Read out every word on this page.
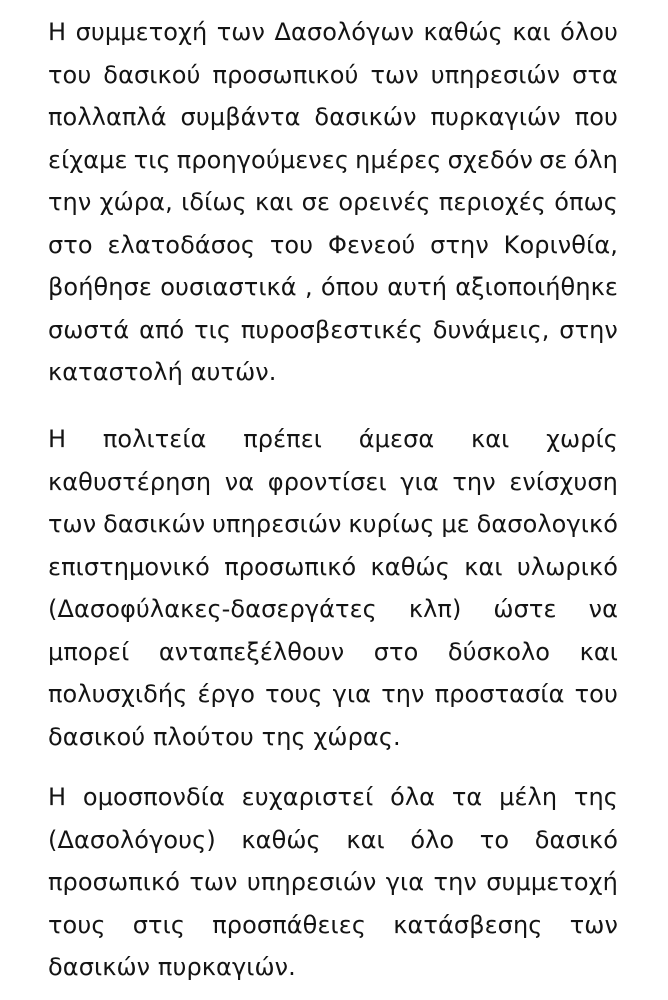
Η συμμετοχή των Δασολόγων καθώς και όλου
του δασικού προσωπικού των υπηρεσιών στα
πολλαπλά συμβάντα δασικών πυρκαγιών που
είχαμε τις προηγούμενες ημέρες σχεδόν σε όλη
την χώρα, ιδίως και σε ορεινές περιοχές όπως
στο ελατοδάσος του Φενεού στην Κορινθία,
βοήθησε ουσιαστικά , όπου αυτή αξιοποιήθηκε
σωστά από τις πυροσβεστικές δυνάμεις, στην
καταστολή αυτών.
Η πολιτεία πρέπει άμεσα και χωρίς
καθυστέρηση να φροντίσει για την ενίσχυση
των δασικών υπηρεσιών κυρίως με δασολογικό
επιστημονικό προσωπικό καθώς και υλωρικό
(Δασοφύλακες-δασεργάτες κλπ) ώστε να
μπορεί ανταπεξέλθουν στο δύσκολο και
πολυσχιδής έργο τους για την προστασία του
δασικού πλούτου της χώρας.
Η ομοσπονδία ευχαριστεί όλα τα μέλη της
(Δασολόγους) καθώς και όλο το δασικό
προσωπικό των υπηρεσιών για την συμμετοχή
τους στις προσπάθειες κατάσβεσης των
δασικών πυρκαγιών.
